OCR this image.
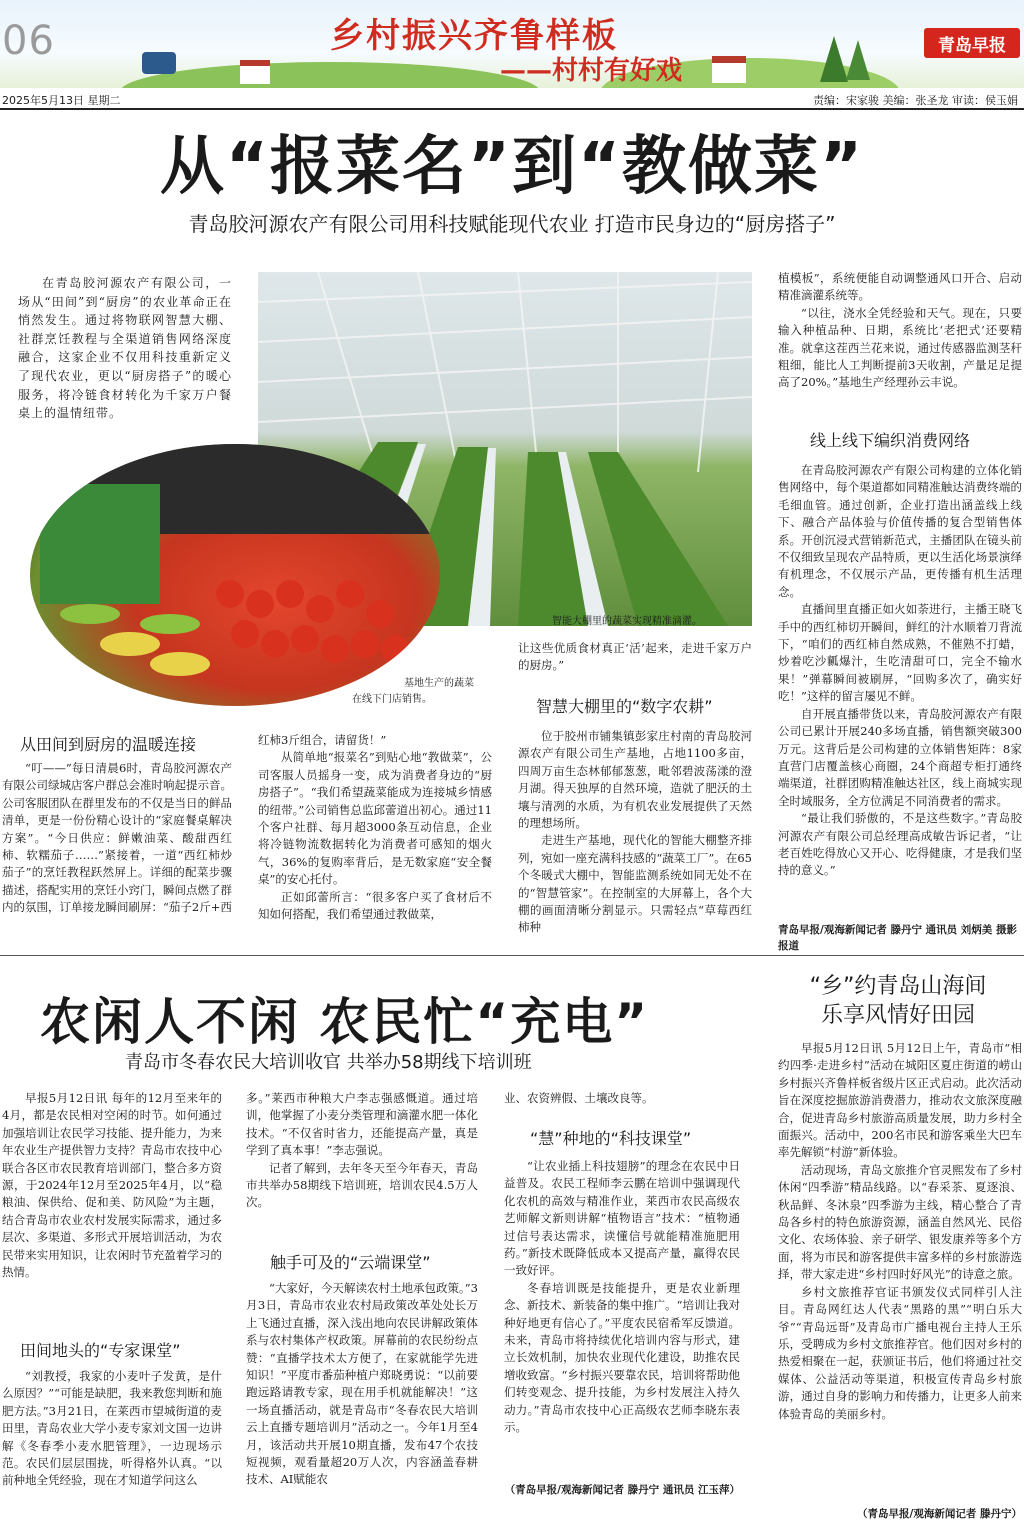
06	乡村振兴齐鲁样板
——村村有好戏
青岛早报
2025年5月13日 星期二	责编：宋家骏 美编：张圣龙 审读：侯玉娟
从“报菜名”到“教做菜”
青岛胶河源农产有限公司用科技赋能现代农业 打造市民身边的“厨房搭子”

在青岛胶河源农产有限公司，一场从“田间”到“厨房”的农业革命正在悄然发生。通过将物联网智慧大棚、社群烹饪教程与全渠道销售网络深度融合，这家企业不仅用科技重新定义了现代农业，更以“厨房搭子”的暖心服务，将冷链食材转化为千家万户餐桌上的温情纽带。

智能大棚里的蔬菜实现精准滴灌。
基地生产的蔬菜
在线下门店销售。
从田间到厨房的温暖连接

“叮——”每日清晨6时，青岛胶河源农产有限公司绿城店客户群总会准时响起提示音。公司客服团队在群里发布的不仅是当日的鲜品清单，更是一份份精心设计的“家庭餐桌解决方案”。“今日供应：鲜嫩油菜、酸甜西红柿、软糯茄子……”紧接着，一道“西红柿炒茄子”的烹饪教程跃然屏上。详细的配菜步骤描述，搭配实用的烹饪小窍门，瞬间点燃了群内的氛围，订单接龙瞬间刷屏：“茄子2斤+西

红柿3斤组合，请留货！”

从简单地“报菜名”到贴心地“教做菜”，公司客服人员摇身一变，成为消费者身边的“厨房搭子”。“我们希望蔬菜能成为连接城乡情感的纽带。”公司销售总监邱蕾道出初心。通过11个客户社群、每月超3000条互动信息，企业将冷链物流数据转化为消费者可感知的烟火气，36%的复购率背后，是无数家庭“安全餐桌”的安心托付。

正如邱蕾所言：“很多客户买了食材后不知如何搭配，我们希望通过教做菜，

让这些优质食材真正‘活’起来，走进千家万户的厨房。”
智慧大棚里的“数字农耕”

位于胶州市铺集镇彭家庄村南的青岛胶河源农产有限公司生产基地，占地1100多亩，四周万亩生态林郁郁葱葱，毗邻碧波荡漾的澄月湖。得天独厚的自然环境，造就了肥沃的土壤与清冽的水质，为有机农业发展提供了天然的理想场所。

走进生产基地，现代化的智能大棚整齐排列，宛如一座充满科技感的“蔬菜工厂”。在65个冬暖式大棚中，智能监测系统如同无处不在的“智慧管家”。在控制室的大屏幕上，各个大棚的画面清晰分割显示。只需轻点“草莓西红柿种

植模板”，系统便能自动调整通风口开合、启动精准滴灌系统等。

“以往，浇水全凭经验和天气。现在，只要输入种植品种、日期，系统比‘老把式’还要精准。就拿这茬西兰花来说，通过传感器监测茎秆粗细，能比人工判断提前3天收割，产量足足提高了20%。”基地生产经理孙云丰说。

线上线下编织消费网络

在青岛胶河源农产有限公司构建的立体化销售网络中，每个渠道都如同精准触达消费终端的毛细血管。通过创新，企业打造出涵盖线上线下、融合产品体验与价值传播的复合型销售体系。开创沉浸式营销新范式，主播团队在镜头前不仅细致呈现农产品特质，更以生活化场景演绎有机理念，不仅展示产品，更传播有机生活理念。

直播间里直播正如火如荼进行，主播王晓飞手中的西红柿切开瞬间，鲜红的汁水顺着刀背流下，“咱们的西红柿自然成熟，不催熟不打蜡，炒着吃沙瓤爆汁，生吃清甜可口，完全不输水果！”弹幕瞬间被刷屏，“回购多次了，确实好吃！”这样的留言屡见不鲜。

自开展直播带货以来，青岛胶河源农产有限公司已累计开展240多场直播，销售额突破300万元。这背后是公司构建的立体销售矩阵：8家直营门店覆盖核心商圈，24个商超专柜打通终端渠道，社群团购精准触达社区，线上商城实现全时域服务，全方位满足不同消费者的需求。

“最让我们骄傲的，不是这些数字。”青岛胶河源农产有限公司总经理高成敏告诉记者，“让老百姓吃得放心又开心、吃得健康，才是我们坚持的意义。”

青岛早报/观海新闻记者 滕丹宁 通讯员 刘炳美 摄影报道
农闲人不闲 农民忙“充电”
青岛市冬春农民大培训收官 共举办58期线下培训班

早报5月12日讯 每年的12月至来年的4月，都是农民相对空闲的时节。如何通过加强培训让农民学习技能、提升能力，为来年农业生产提供智力支持？青岛市农技中心联合各区市农民教育培训部门，整合多方资源，于2024年12月至2025年4月，以“稳粮油、保供给、促和美、防风险”为主题，结合青岛市农业农村发展实际需求，通过多层次、多渠道、多形式开展培训活动，为农民带来实用知识，让农闲时节充盈着学习的热情。

田间地头的“专家课堂”

“刘教授，我家的小麦叶子发黄，是什么原因？”“可能是缺肥，我来教您判断和施肥方法。”3月21日，在莱西市望城街道的麦田里，青岛农业大学小麦专家刘文国一边讲解《冬春季小麦水肥管理》，一边现场示范。农民们层层围拢，听得格外认真。“以前种地全凭经验，现在才知道学问这么

多。”莱西市种粮大户李志强感慨道。通过培训，他掌握了小麦分类管理和滴灌水肥一体化技术。“不仅省时省力，还能提高产量，真是学到了真本事！”李志强说。

记者了解到，去年冬天至今年春天，青岛市共举办58期线下培训班，培训农民4.5万人次。

触手可及的“云端课堂”

“大家好，今天解读农村土地承包政策。”3月3日，青岛市农业农村局政策改革处处长万上飞通过直播，深入浅出地向农民讲解政策体系与农村集体产权政策。屏幕前的农民纷纷点赞：“直播学技术太方便了，在家就能学先进知识！”平度市番茄种植户郑晓勇说：“以前要跑远路请教专家，现在用手机就能解决！”这一场直播活动，就是青岛市“冬春农民大培训云上直播专题培训月”活动之一。今年1月至4月，该活动共开展10期直播，发布47个农技短视频，观看量超20万人次，内容涵盖春耕技术、AI赋能农

业、农资辨假、土壤改良等。
“慧”种地的“科技课堂”

“让农业插上科技翅膀”的理念在农民中日益普及。农民工程师李云鹏在培训中强调现代化农机的高效与精准作业，莱西市农民高级农艺师解文新则讲解“植物语言”技术：“植物通过信号表达需求，读懂信号就能精准施肥用药。”新技术既降低成本又提高产量，赢得农民一致好评。

冬春培训既是技能提升，更是农业新理念、新技术、新装备的集中推广。“培训让我对种好地更有信心了。”平度农民宿希军反馈道。未来，青岛市将持续优化培训内容与形式，建立长效机制，加快农业现代化建设，助推农民增收致富。“乡村振兴要靠农民，培训将帮助他们转变观念、提升技能，为乡村发展注入持久动力。”青岛市农技中心正高级农艺师李晓东表示。

（青岛早报/观海新闻记者 滕丹宁 通讯员 江玉萍）
“乡”约青岛山海间
乐享风情好田园

早报5月12日讯 5月12日上午，青岛市“相约四季·走进乡村”活动在城阳区夏庄街道的崂山乡村振兴齐鲁样板省级片区正式启动。此次活动旨在深度挖掘旅游消费潜力，推动农文旅深度融合，促进青岛乡村旅游高质量发展，助力乡村全面振兴。活动中，200名市民和游客乘坐大巴车率先解锁“村游”新体验。

活动现场，青岛文旅推介官灵熙发布了乡村休闲“四季游”精品线路。以“春采茶、夏逐浪、秋品鲜、冬沐泉”四季游为主线，精心整合了青岛各乡村的特色旅游资源，涵盖自然风光、民俗文化、农场体验、亲子研学、银发康养等多个方面，将为市民和游客提供丰富多样的乡村旅游选择，带大家走进“乡村四时好风光”的诗意之旅。

乡村文旅推荐官证书颁发仪式同样引人注目。青岛网红达人代表“黑路的黑”“明白乐大爷”“青岛远哥”及青岛市广播电视台主持人王乐乐，受聘成为乡村文旅推荐官。他们因对乡村的热爱相聚在一起，获颁证书后，他们将通过社交媒体、公益活动等渠道，积极宣传青岛乡村旅游，通过自身的影响力和传播力，让更多人前来体验青岛的美丽乡村。

（青岛早报/观海新闻记者 滕丹宁）
